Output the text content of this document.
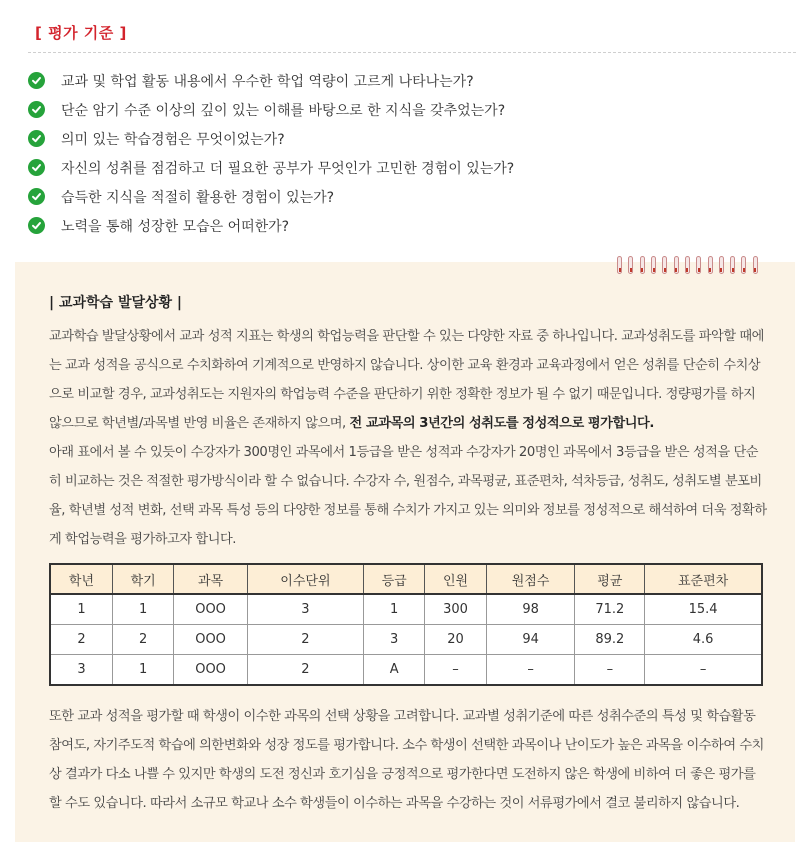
[ 평가 기준 ]
교과 및 학업 활동 내용에서 우수한 학업 역량이 고르게 나타나는가?
단순 암기 수준 이상의 깊이 있는 이해를 바탕으로 한 지식을 갖추었는가?
의미 있는 학습경험은 무엇이었는가?
자신의 성취를 점검하고 더 필요한 공부가 무엇인가 고민한 경험이 있는가?
습득한 지식을 적절히 활용한 경험이 있는가?
노력을 통해 성장한 모습은 어떠한가?
| 교과학습 발달상황 |

교과학습 발달상황에서 교과 성적 지표는 학생의 학업능력을 판단할 수 있는 다양한 자료 중 하나입니다. 교과성취도를 파악할 때에는 교과 성적을 공식으로 수치화하여 기계적으로 반영하지 않습니다. 상이한 교육 환경과 교육과정에서 얻은 성취를 단순히 수치상으로 비교할 경우, 교과성취도는 지원자의 학업능력 수준을 판단하기 위한 정확한 정보가 될 수 없기 때문입니다. 정량평가를 하지 않으므로 학년별/과목별 반영 비율은 존재하지 않으며, 전 교과목의 3년간의 성취도를 정성적으로 평가합니다.
아래 표에서 볼 수 있듯이 수강자가 300명인 과목에서 1등급을 받은 성적과 수강자가 20명인 과목에서 3등급을 받은 성적을 단순히 비교하는 것은 적절한 평가방식이라 할 수 없습니다. 수강자 수, 원점수, 과목평균, 표준편차, 석차등급, 성취도, 성취도별 분포비율, 학년별 성적 변화, 선택 과목 특성 등의 다양한 정보를 통해 수치가 가지고 있는 의미와 정보를 정성적으로 해석하여 더욱 정확하게 학업능력을 평가하고자 합니다.

학년	학기	과목	이수단위	등급	인원	원점수	평균	표준편차
1	1	OOO	3	1	300	98	71.2	15.4
2	2	OOO	2	3	20	94	89.2	4.6
3	1	OOO	2	A	–	–	–	–

또한 교과 성적을 평가할 때 학생이 이수한 과목의 선택 상황을 고려합니다. 교과별 성취기준에 따른 성취수준의 특성 및 학습활동 참여도, 자기주도적 학습에 의한변화와 성장 정도를 평가합니다. 소수 학생이 선택한 과목이나 난이도가 높은 과목을 이수하여 수치상 결과가 다소 나쁠 수 있지만 학생의 도전 정신과 호기심을 긍정적으로 평가한다면 도전하지 않은 학생에 비하여 더 좋은 평가를 할 수도 있습니다. 따라서 소규모 학교나 소수 학생들이 이수하는 과목을 수강하는 것이 서류평가에서 결코 불리하지 않습니다.
